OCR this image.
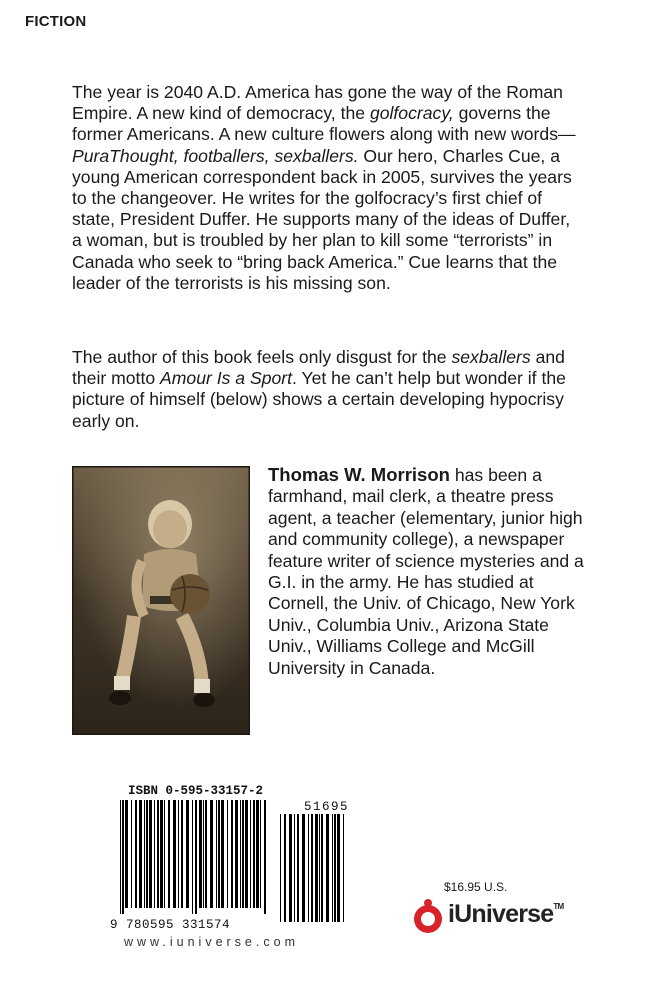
FICTION

The year is 2040 A.D. America has gone the way of the Roman Empire. A new kind of democracy, the golfocracy, governs the former Americans. A new culture flowers along with new words—PuraThought, footballers, sexballers. Our hero, Charles Cue, a young American correspondent back in 2005, survives the years to the changeover. He writes for the golfocracy’s first chief of state, President Duffer. He supports many of the ideas of Duffer, a woman, but is troubled by her plan to kill some “terrorists” in Canada who seek to “bring back America.” Cue learns that the leader of the terrorists is his missing son.

The author of this book feels only disgust for the sexballers and their motto Amour Is a Sport. Yet he can’t help but wonder if the picture of himself (below) shows a certain developing hypocrisy early on.

Thomas W. Morrison has been a farmhand, mail clerk, a theatre press agent, a teacher (elementary, junior high and community college), a newspaper feature writer of science mysteries and a G.I. in the army. He has studied at Cornell, the Univ. of Chicago, New York Univ., Columbia Univ., Arizona State Univ., Williams College and McGill University in Canada.

ISBN 0-595-33157-2
51695
9 780595 331574
$16.95 U.S.
iUniverse™
www.iuniverse.com
